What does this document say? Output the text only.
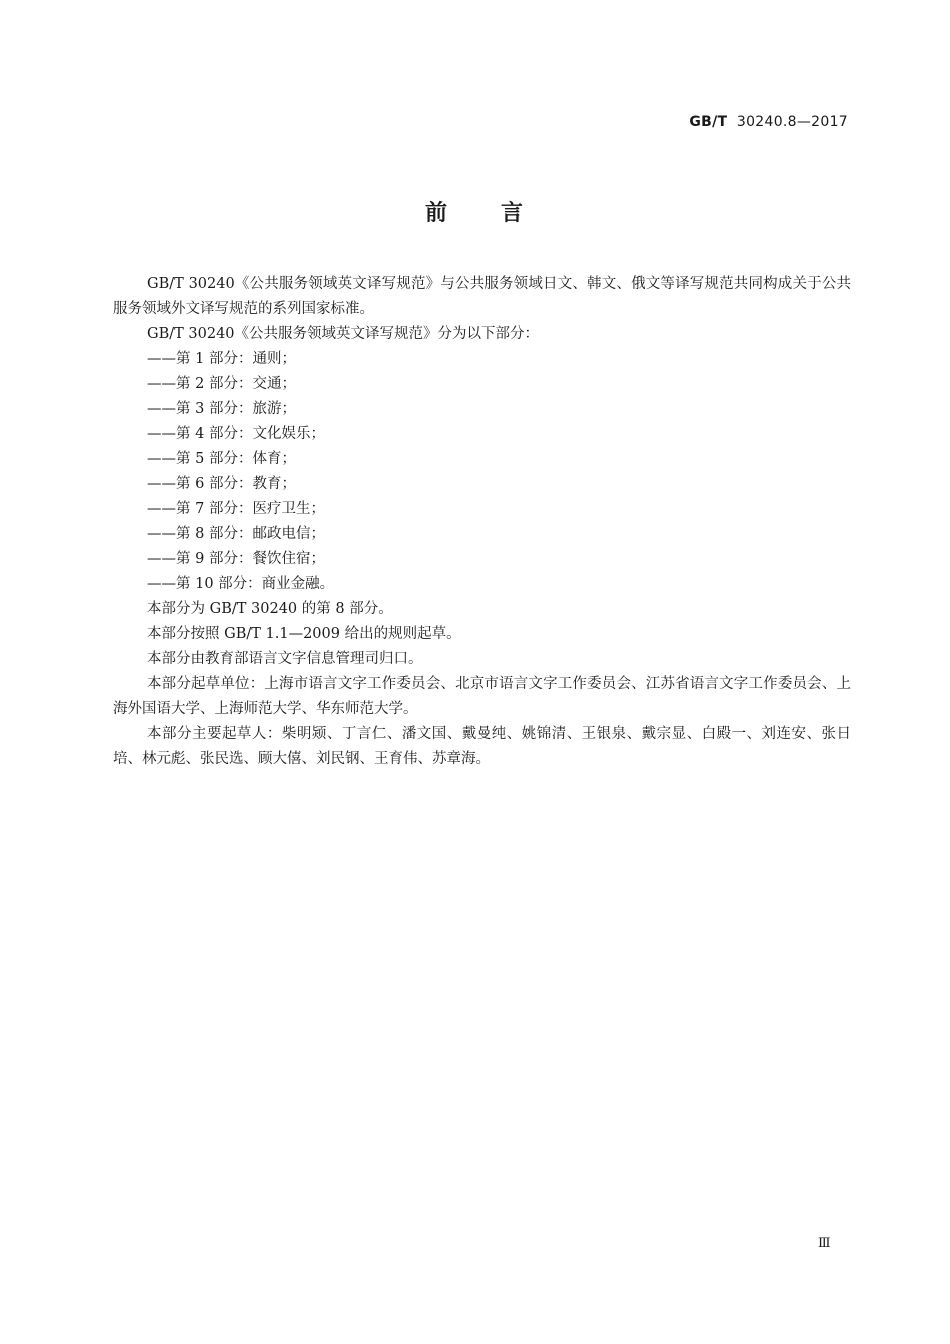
GB/T 30240.8—2017
前 言

GB/T 30240《公共服务领域英文译写规范》与公共服务领域日文、韩文、俄文等译写规范共同构成关于公共服务领域外文译写规范的系列国家标准。

GB/T 30240《公共服务领域英文译写规范》分为以下部分：

——第 1 部分：通则；
——第 2 部分：交通；
——第 3 部分：旅游；
——第 4 部分：文化娱乐；
——第 5 部分：体育；
——第 6 部分：教育；
——第 7 部分：医疗卫生；
——第 8 部分：邮政电信；
——第 9 部分：餐饮住宿；
——第 10 部分：商业金融。

本部分为 GB/T 30240 的第 8 部分。

本部分按照 GB/T 1.1—2009 给出的规则起草。

本部分由教育部语言文字信息管理司归口。

本部分起草单位：上海市语言文字工作委员会、北京市语言文字工作委员会、江苏省语言文字工作委员会、上海外国语大学、上海师范大学、华东师范大学。

本部分主要起草人：柴明颎、丁言仁、潘文国、戴曼纯、姚锦清、王银泉、戴宗显、白殿一、刘连安、张日培、林元彪、张民选、顾大僖、刘民钢、王育伟、苏章海。

Ⅲ
